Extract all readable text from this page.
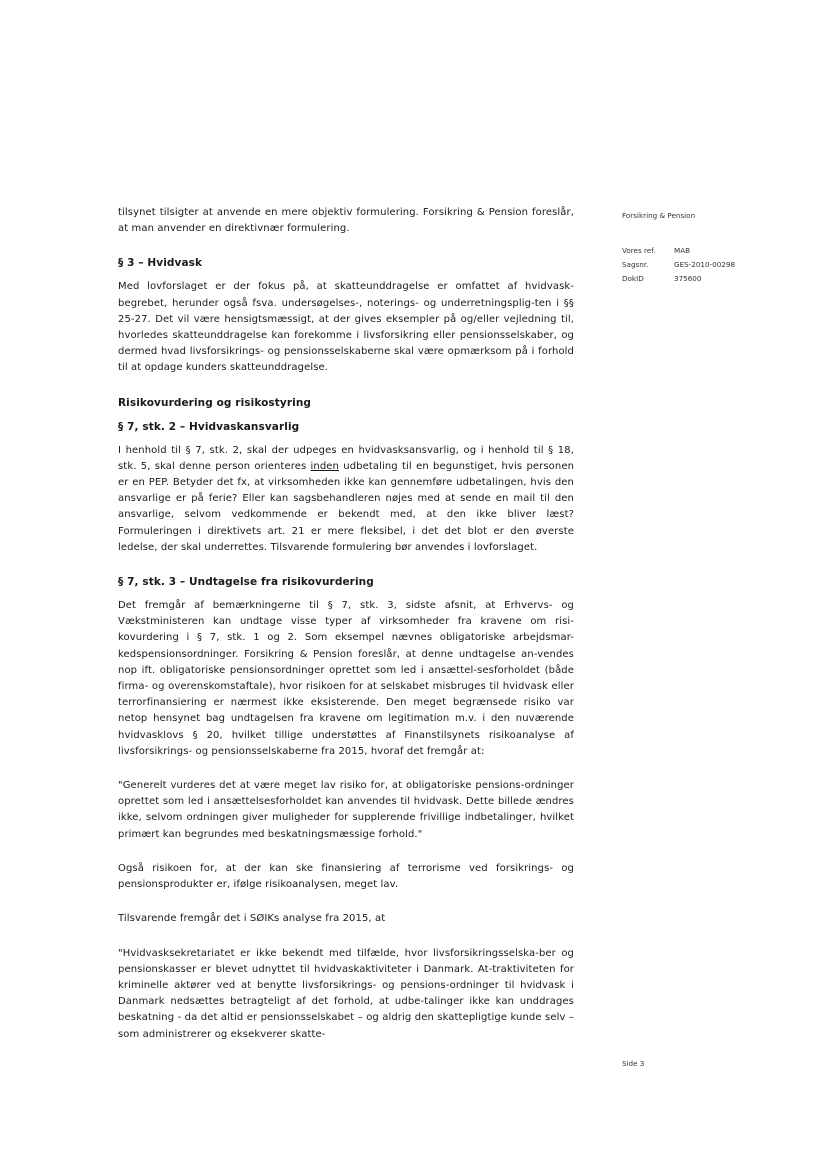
tilsynet tilsigter at anvende en mere objektiv formulering. Forsikring & Pension foreslår, at man anvender en direktivnær formulering.

§ 3 – Hvidvask

Med lovforslaget er der fokus på, at skatteunddragelse er omfattet af hvidvask-begrebet, herunder også fsva. undersøgelses-, noterings- og underretningsplig-ten i §§ 25-27. Det vil være hensigtsmæssigt, at der gives eksempler på og/eller vejledning til, hvorledes skatteunddragelse kan forekomme i livsforsikring eller pensionsselskaber, og dermed hvad livsforsikrings- og pensionsselskaberne skal være opmærksom på i forhold til at opdage kunders skatteunddragelse.

Risikovurdering og risikostyring
§ 7, stk. 2 – Hvidvaskansvarlig

I henhold til § 7, stk. 2, skal der udpeges en hvidvasksansvarlig, og i henhold til § 18, stk. 5, skal denne person orienteres inden udbetaling til en begunstiget, hvis personen er en PEP. Betyder det fx, at virksomheden ikke kan gennemføre udbetalingen, hvis den ansvarlige er på ferie? Eller kan sagsbehandleren nøjes med at sende en mail til den ansvarlige, selvom vedkommende er bekendt med, at den ikke bliver læst? Formuleringen i direktivets art. 21 er mere fleksibel, i det det blot er den øverste ledelse, der skal underrettes. Tilsvarende formulering bør anvendes i lovforslaget.

§ 7, stk. 3 – Undtagelse fra risikovurdering

Det fremgår af bemærkningerne til § 7, stk. 3, sidste afsnit, at Erhvervs- og Vækstministeren kan undtage visse typer af virksomheder fra kravene om risi-kovurdering i § 7, stk. 1 og 2. Som eksempel nævnes obligatoriske arbejdsmar-kedspensionsordninger. Forsikring & Pension foreslår, at denne undtagelse an-vendes nop ift. obligatoriske pensionsordninger oprettet som led i ansættel-sesforholdet (både firma- og overenskomstaftale), hvor risikoen for at selskabet misbruges til hvidvask eller terrorfinansiering er nærmest ikke eksisterende. Den meget begrænsede risiko var netop hensynet bag undtagelsen fra kravene om legitimation m.v. i den nuværende hvidvasklovs § 20, hvilket tillige understøttes af Finanstilsynets risikoanalyse af livsforsikrings- og pensionsselskaberne fra 2015, hvoraf det fremgår at:

"Generelt vurderes det at være meget lav risiko for, at obligatoriske pensions-ordninger oprettet som led i ansættelsesforholdet kan anvendes til hvidvask. Dette billede ændres ikke, selvom ordningen giver muligheder for supplerende frivillige indbetalinger, hvilket primært kan begrundes med beskatningsmæssige forhold."

Også risikoen for, at der kan ske finansiering af terrorisme ved forsikrings- og pensionsprodukter er, ifølge risikoanalysen, meget lav.

Tilsvarende fremgår det i SØIKs analyse fra 2015, at

"Hvidvasksekretariatet er ikke bekendt med tilfælde, hvor livsforsikringsselska-ber og pensionskasser er blevet udnyttet til hvidvaskaktiviteter i Danmark. At-traktiviteten for kriminelle aktører ved at benytte livsforsikrings- og pensions-ordninger til hvidvask i Danmark nedsættes betragteligt af det forhold, at udbe-talinger ikke kan unddrages beskatning - da det altid er pensionsselskabet – og aldrig den skattepligtige kunde selv – som administrerer og eksekverer skatte-

Forsikring & Pension
Vores ref.	MAB
Sagsnr.	GES-2010-00298
DokID	375600
Side 3
